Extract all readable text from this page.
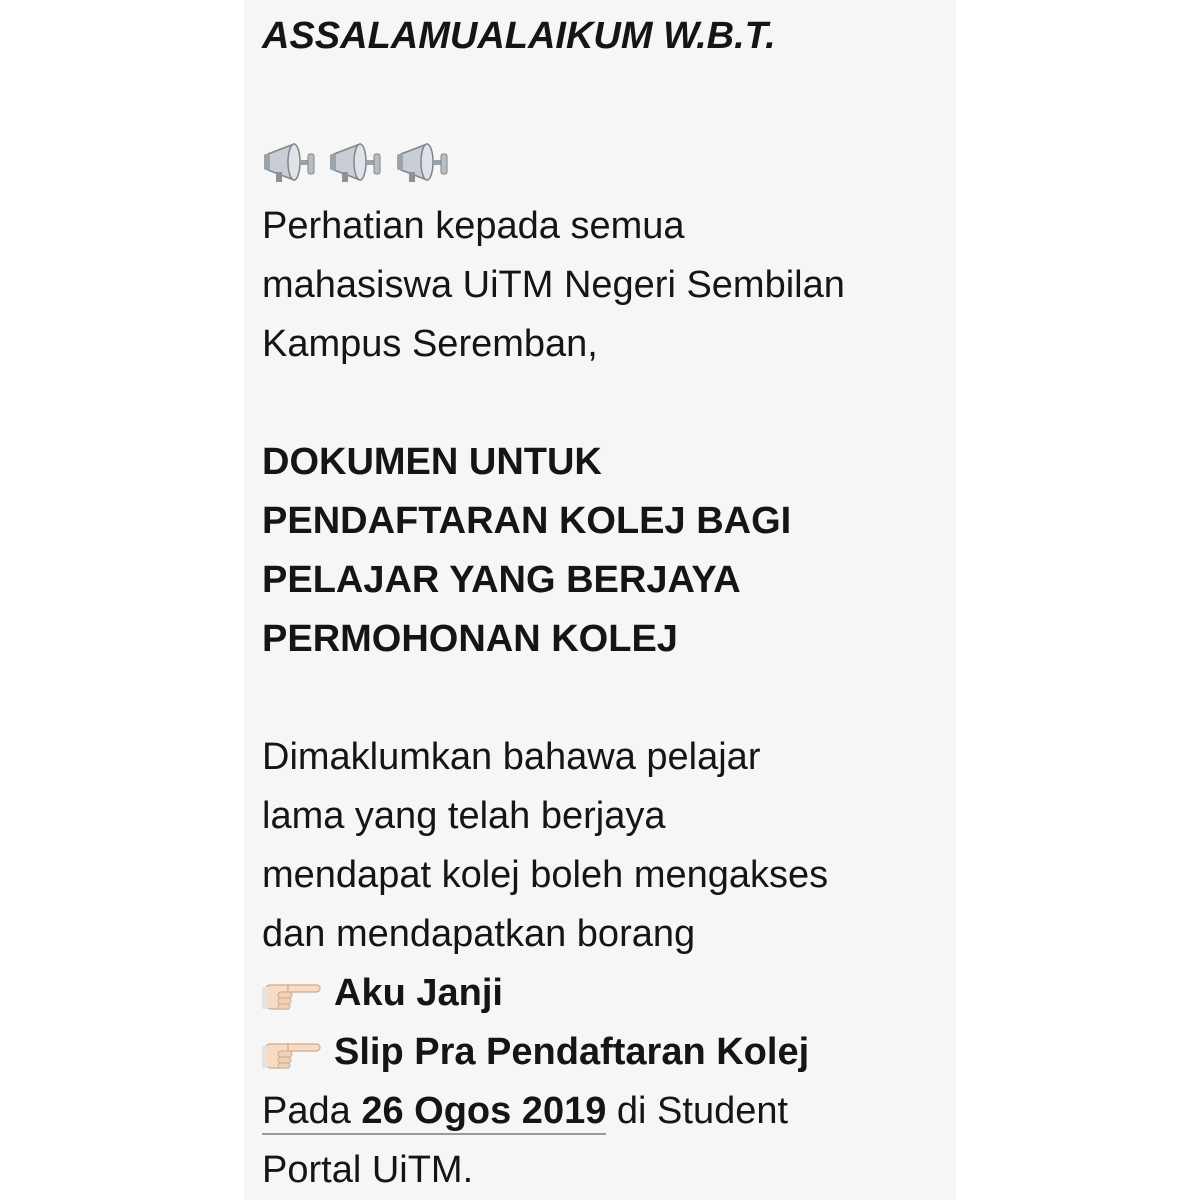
ASSALAMUALAIKUM W.B.T.

Perhatian kepada semua
mahasiswa UiTM Negeri Sembilan
Kampus Seremban,
DOKUMEN UNTUK
PENDAFTARAN KOLEJ BAGI
PELAJAR YANG BERJAYA
PERMOHONAN KOLEJ
Dimaklumkan bahawa pelajar
lama yang telah berjaya
mendapat kolej boleh mengakses
dan mendapatkan borang
Aku Janji
Slip Pra Pendaftaran Kolej
Pada 26 Ogos 2019 di Student
Portal UiTM.
